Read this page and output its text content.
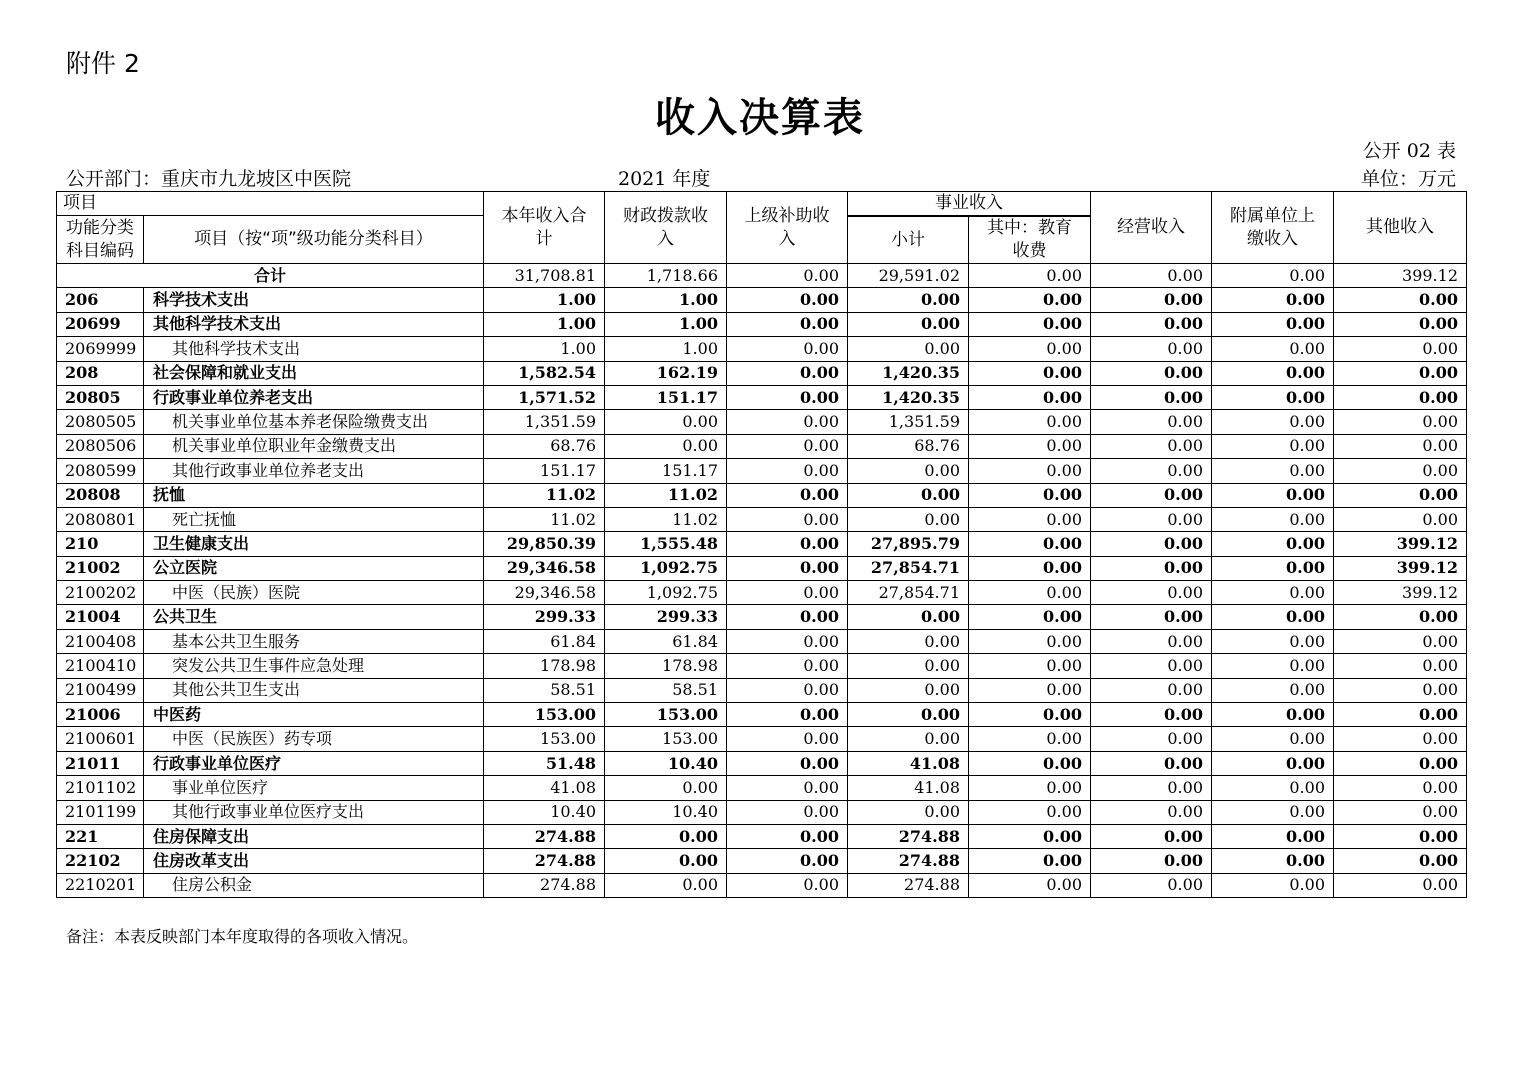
附件 2
收入决算表
公开 02 表
公开部门：重庆市九龙坡区中医院	2021 年度	单位：万元
项目		本年收入合计	财政拨款收入	上级补助收入	事业收入		经营收入	附属单位上缴收入	其他收入

功能分类科目编码	项目（按“项”级功能分类科目）								
					小计	其中：教育收费			

合计		31,708.81	1,718.66	0.00	29,591.02	0.00	0.00	0.00	399.12
206	科学技术支出	1.00	1.00	0.00	0.00	0.00	0.00	0.00	0.00
20699	其他科学技术支出	1.00	1.00	0.00	0.00	0.00	0.00	0.00	0.00
2069999	其他科学技术支出	1.00	1.00	0.00	0.00	0.00	0.00	0.00	0.00
208	社会保障和就业支出	1,582.54	162.19	0.00	1,420.35	0.00	0.00	0.00	0.00
20805	行政事业单位养老支出	1,571.52	151.17	0.00	1,420.35	0.00	0.00	0.00	0.00
2080505	机关事业单位基本养老保险缴费支出	1,351.59	0.00	0.00	1,351.59	0.00	0.00	0.00	0.00
2080506	机关事业单位职业年金缴费支出	68.76	0.00	0.00	68.76	0.00	0.00	0.00	0.00
2080599	其他行政事业单位养老支出	151.17	151.17	0.00	0.00	0.00	0.00	0.00	0.00
20808	抚恤	11.02	11.02	0.00	0.00	0.00	0.00	0.00	0.00
2080801	死亡抚恤	11.02	11.02	0.00	0.00	0.00	0.00	0.00	0.00
210	卫生健康支出	29,850.39	1,555.48	0.00	27,895.79	0.00	0.00	0.00	399.12
21002	公立医院	29,346.58	1,092.75	0.00	27,854.71	0.00	0.00	0.00	399.12
2100202	中医（民族）医院	29,346.58	1,092.75	0.00	27,854.71	0.00	0.00	0.00	399.12
21004	公共卫生	299.33	299.33	0.00	0.00	0.00	0.00	0.00	0.00
2100408	基本公共卫生服务	61.84	61.84	0.00	0.00	0.00	0.00	0.00	0.00
2100410	突发公共卫生事件应急处理	178.98	178.98	0.00	0.00	0.00	0.00	0.00	0.00
2100499	其他公共卫生支出	58.51	58.51	0.00	0.00	0.00	0.00	0.00	0.00
21006	中医药	153.00	153.00	0.00	0.00	0.00	0.00	0.00	0.00
2100601	中医（民族医）药专项	153.00	153.00	0.00	0.00	0.00	0.00	0.00	0.00
21011	行政事业单位医疗	51.48	10.40	0.00	41.08	0.00	0.00	0.00	0.00
2101102	事业单位医疗	41.08	0.00	0.00	41.08	0.00	0.00	0.00	0.00
2101199	其他行政事业单位医疗支出	10.40	10.40	0.00	0.00	0.00	0.00	0.00	0.00
221	住房保障支出	274.88	0.00	0.00	274.88	0.00	0.00	0.00	0.00
22102	住房改革支出	274.88	0.00	0.00	274.88	0.00	0.00	0.00	0.00
2210201	住房公积金	274.88	0.00	0.00	274.88	0.00	0.00	0.00	0.00
备注：本表反映部门本年度取得的各项收入情况。
